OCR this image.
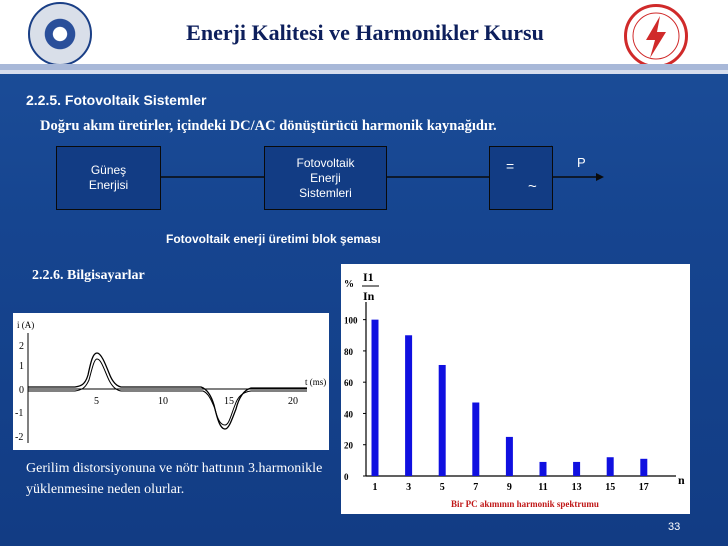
Enerji Kalitesi ve Harmonikler Kursu
2.2.5. Fotovoltaik Sistemler
Doğru akım üretirler, içindeki DC/AC dönüştürücü harmonik kaynağıdır.
Güneş Enerjisi
Fotovoltaik Enerji Sistemleri
=
~
P
Fotovoltaik enerji üretimi blok şeması
2.2.6. Bilgisayarlar
i (A)
2
1
0
-1
-2
5	10	15	20
t (ms)
Gerilim distorsiyonuna ve nötr hattının 3.harmonikle yüklenmesine neden olurlar.
%
I1
In
n
Bir PC akımının harmonik spektrumu
100
80
60
40
20
0
1	3	5	7	9	11 13 15 17
33
